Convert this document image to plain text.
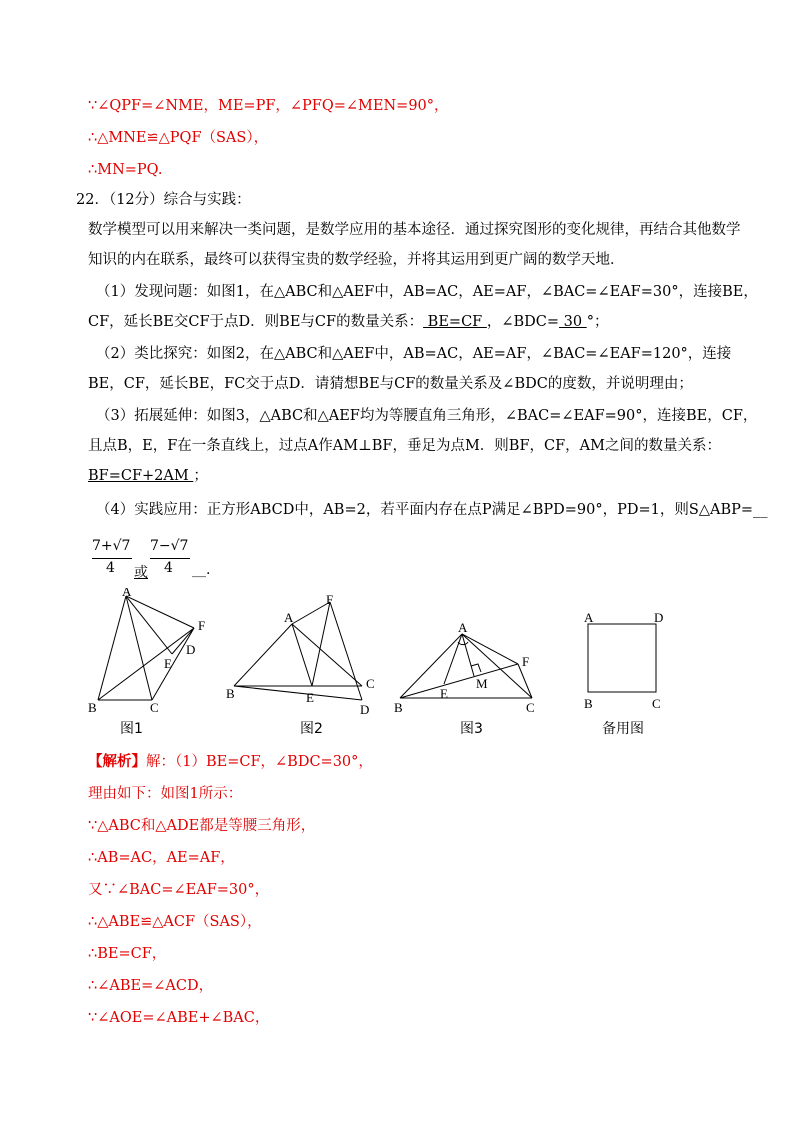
∵∠QPF=∠NME，ME=PF，∠PFQ=∠MEN=90°，
∴△MNE≌△PQF（SAS），
∴MN=PQ.
22．（12分）综合与实践：
数学模型可以用来解决一类问题，是数学应用的基本途径．通过探究图形的变化规律，再结合其他数学
知识的内在联系，最终可以获得宝贵的数学经验，并将其运用到更广阔的数学天地．
（1）发现问题：如图1，在△ABC和△AEF中，AB=AC，AE=AF，∠BAC=∠EAF=30°，连接BE，
CF，延长BE交CF于点D．则BE与CF的数量关系： BE=CF ，∠BDC= 30 °；
（2）类比探究：如图2，在△ABC和△AEF中，AB=AC，AE=AF，∠BAC=∠EAF=120°，连接
BE，CF，延长BE，FC交于点D．请猜想BE与CF的数量关系及∠BDC的度数，并说明理由；
（3）拓展延伸：如图3，△ABC和△AEF均为等腰直角三角形，∠BAC=∠EAF=90°，连接BE，CF，
且点B，E，F在一条直线上，过点A作AM⊥BF，垂足为点M．则BF，CF，AM之间的数量关系：
BF=CF+2AM ；
（4）实践应用：正方形ABCD中，AB=2，若平面内存在点P满足∠BPD=90°，PD=1，则S△ABP=__
7+√7
4 或
7−√7
4 __.
A
F
D
E
B	C
图1
F
A
E
B
C
D
图2
A
F
M
E
B	C
图3
A	D
B	C
备用图
【解析】解：（1）BE=CF，∠BDC=30°，
理由如下：如图1所示：
∵△ABC和△ADE都是等腰三角形，
∴AB=AC，AE=AF，
又∵∠BAC=∠EAF=30°，
∴△ABE≌△ACF（SAS），
∴BE=CF，
∴∠ABE=∠ACD，
∵∠AOE=∠ABE+∠BAC，
